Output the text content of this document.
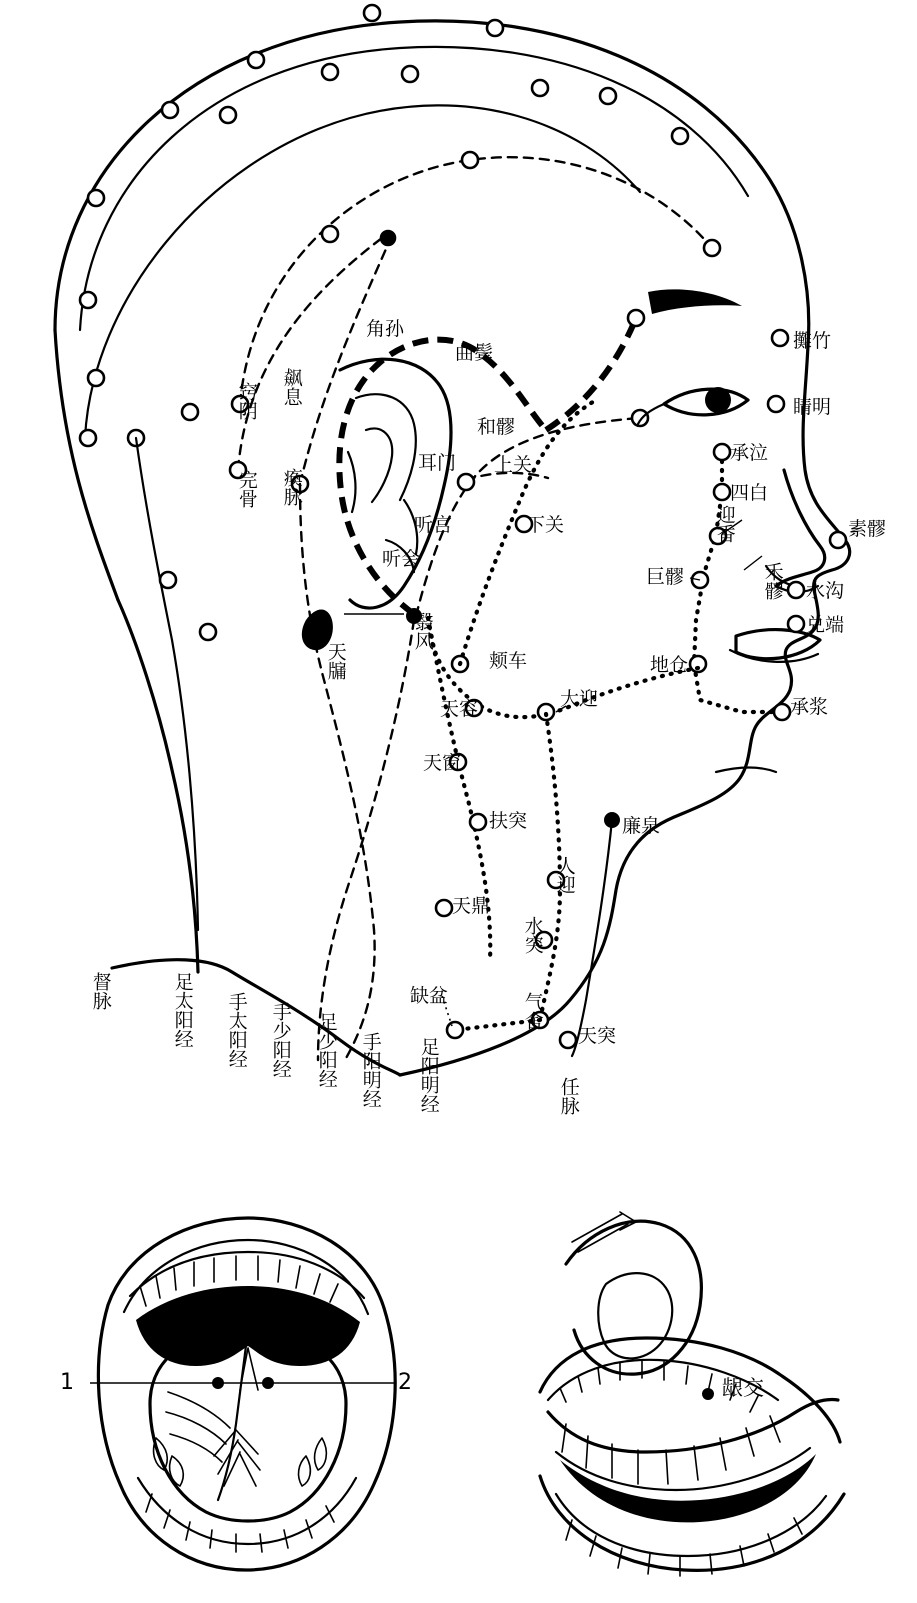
角孙
曲鬓
攤竹
睛明
飙息
窍阴
完骨 瘓脉
和髎
耳门 上关
听宫	下关
听会
承泣
四白
迎香	素髎
巨髎	禾髎 水沟
兑端
地仓
承浆
翳风
天牖	颊车
大迎
天容
天窗
廉泉
扶突
人迎
天鼎
水突
气舍
缺盆
天突
督脉	足太阳经 手太阳经 手少阳经 足少阳经 手阳明经 足阳明经	任脉
1	2	龈交
